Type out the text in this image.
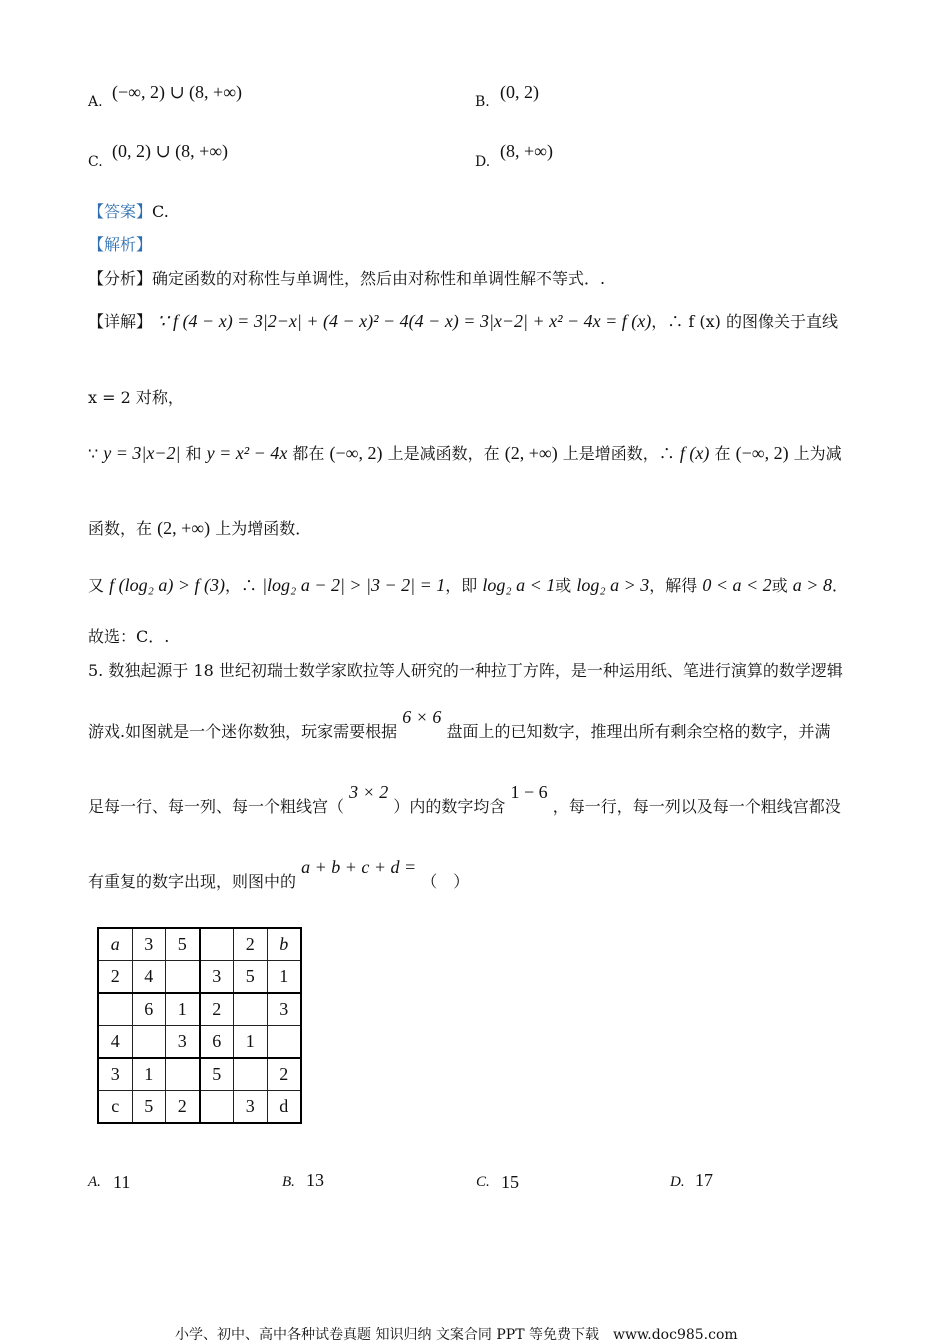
A. (−∞, 2) ∪ (8, +∞)	B. (0, 2)
C.
(0, 2) ∪ (8, +∞)
D.
(8, +∞)
【答案】C.
【解析】
【分析】确定函数的对称性与单调性，然后由对称性和单调性解不等式．.
【详解】 ∵ f (4 − x) = 3|2−x| + (4 − x)² − 4(4 − x) = 3|x−2| + x² − 4x = f (x)，∴ f (x) 的图像关于直线
x = 2 对称，
∵ y = 3|x−2| 和 y = x² − 4x 都在 (−∞, 2) 上是减函数，在 (2, +∞) 上是增函数，∴ f (x) 在 (−∞, 2) 上为减
函数，在 (2, +∞) 上为增函数．
又 f (log₂ a) > f (3)，∴ |log₂ a − 2| > |3 − 2| = 1，即 log₂ a < 1或 log₂ a > 3，解得 0 < a < 2或 a > 8．
故选：C．.
5. 数独起源于 18 世纪初瑞士数学家欧拉等人研究的一种拉丁方阵，是一种运用纸、笔进行演算的数学逻辑
游戏.如图就是一个迷你数独，玩家需要根据 6 × 6 盘面上的已知数字，推理出所有剩余空格的数字，并满
足每一行、每一列、每一个粗线宫（ 3 × 2 ）内的数字均含 1 − 6 ，每一行，每一列以及每一个粗线宫都没
有重复的数字出现，则图中的 a + b + c + d = （　）
a	3	5		2	b
2	4		3	5	1
	6	1	2		3
4		3	6	1	
3	1		5		2
c	5	2		3	d
A. 11	B. 13	C. 15	D. 17
小学、初中、高中各种试卷真题 知识归纳 文案合同 PPT 等免费下载　www.doc985.com
